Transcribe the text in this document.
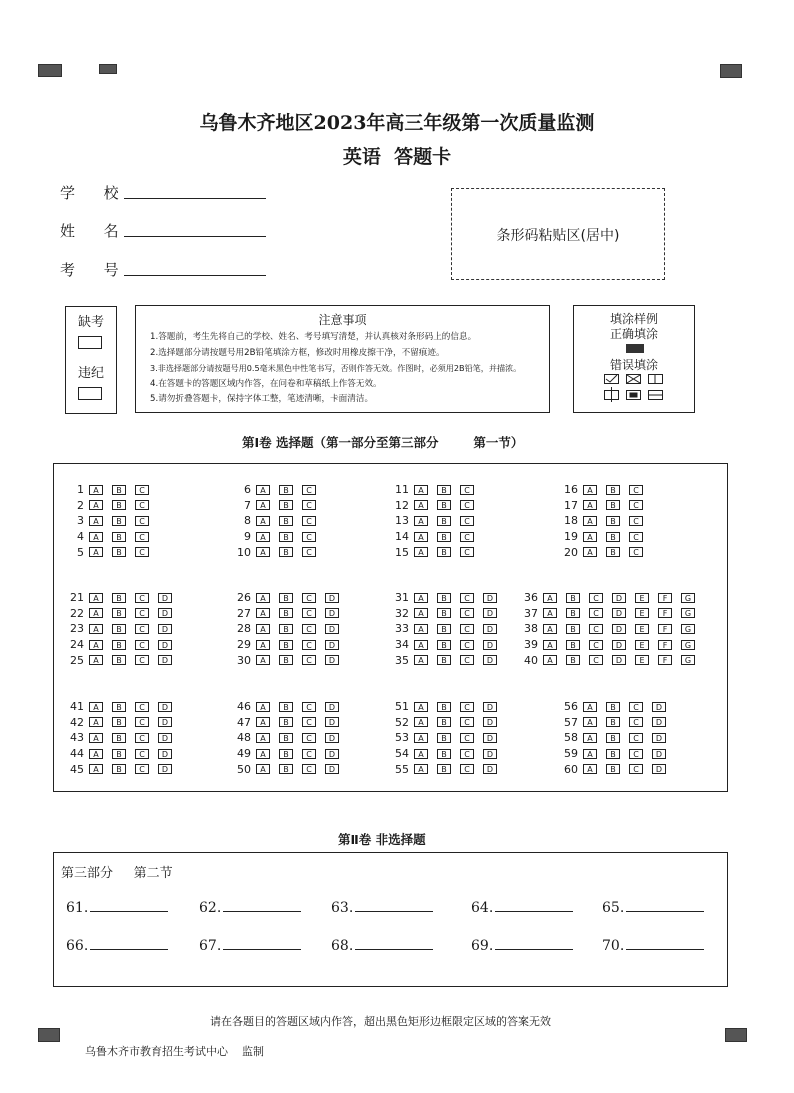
乌鲁木齐地区2023年高三年级第一次质量监测
英语  答题卡
学      校
姓      名
考      号
条形码粘贴区(居中)
缺考
违纪
注意事项
1.答题前，考生先将自己的学校、姓名、考号填写清楚，并认真核对条形码上的信息。
2.选择题部分请按题号用2B铅笔填涂方框，修改时用橡皮擦干净，不留痕迹。
3.非选择题部分请按题号用0.5毫米黑色中性笔书写，否则作答无效。作图时，必须用2B铅笔，并描浓。
4.在答题卡的答题区域内作答，在问卷和草稿纸上作答无效。
5.请勿折叠答题卡，保持字体工整，笔迹清晰，卡面清洁。
填涂样例
正确填涂
错误填涂
第Ⅰ卷 选择题（第一部分至第三部分        第一节）
1	A	B	C
2	A	B	C
3	A	B	C
4	A	B	C
5	A	B	C
6	A	B	C
7	A	B	C
8	A	B	C
9	A	B	C
10	A	B	C
11	A	B	C
12	A	B	C
13	A	B	C
14	A	B	C
15	A	B	C
16	A	B	C
17	A	B	C
18	A	B	C
19	A	B	C
20	A	B	C
21	A	B	C	D
22	A	B	C	D
23	A	B	C	D
24	A	B	C	D
25	A	B	C	D
26	A	B	C	D
27	A	B	C	D
28	A	B	C	D
29	A	B	C	D
30	A	B	C	D
31	A	B	C	D
32	A	B	C	D
33	A	B	C	D
34	A	B	C	D
35	A	B	C	D
36	A	B	C	D	E	F	G
37	A	B	C	D	E	F	G
38	A	B	C	D	E	F	G
39	A	B	C	D	E	F	G
40	A	B	C	D	E	F	G
41	A	B	C	D
42	A	B	C	D
43	A	B	C	D
44	A	B	C	D
45	A	B	C	D
46	A	B	C	D
47	A	B	C	D
48	A	B	C	D
49	A	B	C	D
50	A	B	C	D
51	A	B	C	D
52	A	B	C	D
53	A	B	C	D
54	A	B	C	D
55	A	B	C	D
56	A	B	C	D
57	A	B	C	D
58	A	B	C	D
59	A	B	C	D
60	A	B	C	D
第Ⅱ卷 非选择题
第三部分     第二节
61.	62.	63.	64.	65.
66.	67.	68.	69.	70.
请在各题目的答题区域内作答，超出黑色矩形边框限定区域的答案无效
乌鲁木齐市教育招生考试中心    监制
